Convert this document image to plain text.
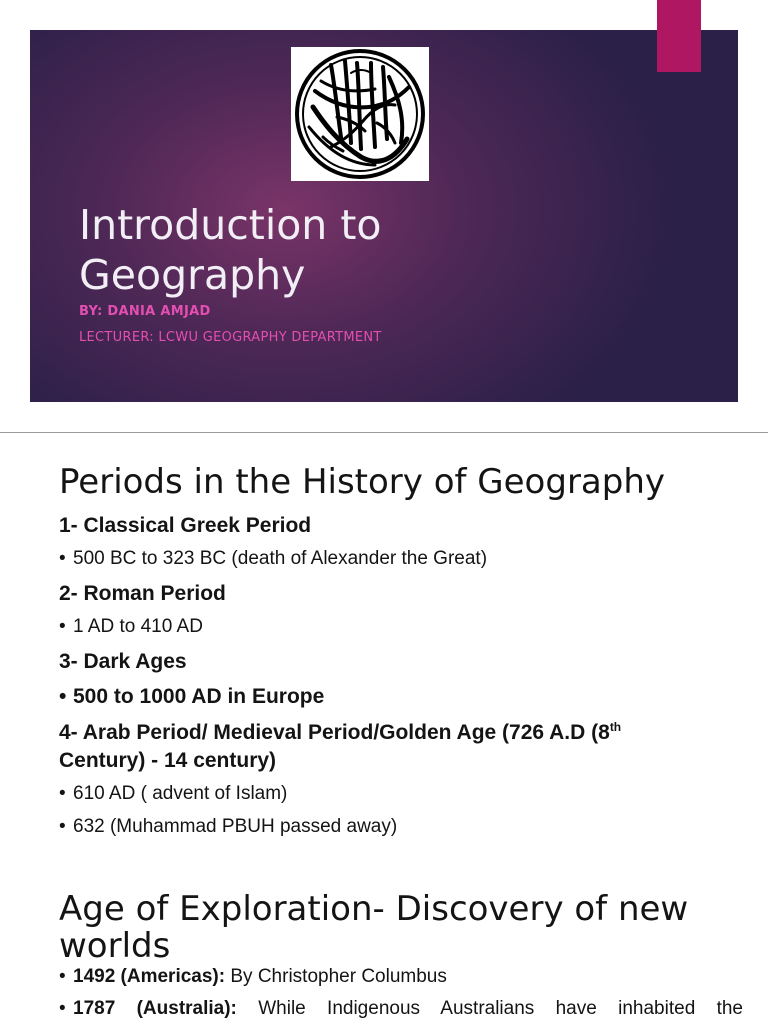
Introduction to
Geography
BY: DANIA AMJAD
LECTURER: LCWU GEOGRAPHY DEPARTMENT
Periods in the History of Geography
1- Classical Greek Period
• 500 BC to 323 BC (death of Alexander the Great)
2- Roman Period
• 1 AD to 410 AD
3- Dark Ages
• 500 to 1000 AD in Europe
4- Arab Period/ Medieval Period/Golden Age (726 A.D (8th
Century) - 14 century)
• 610 AD ( advent of Islam)
• 632 (Muhammad PBUH passed away)
Age of Exploration- Discovery of new worlds
• 1492 (Americas): By Christopher Columbus
• 1787 (Australia): While Indigenous Australians have inhabited the
